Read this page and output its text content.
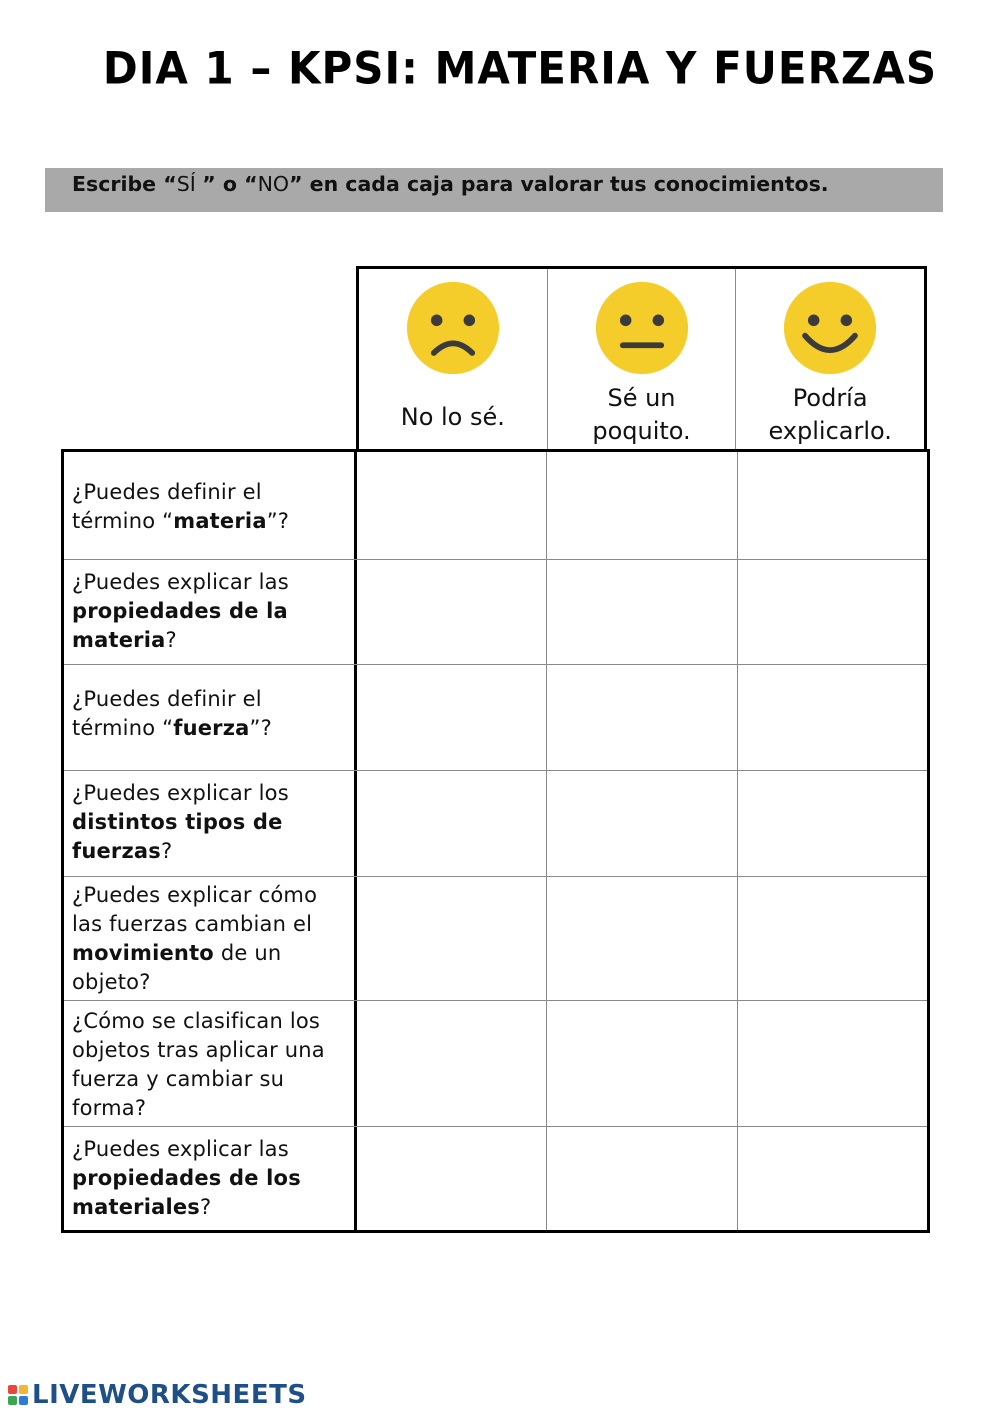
DIA 1 – KPSI: MATERIA Y FUERZAS
Escribe “SÍ ” o “NO” en cada caja para valorar tus conocimientos.
No lo sé.
Sé un poquito.
Podría explicarlo.
¿Puedes definir el término “materia”?
¿Puedes explicar las propiedades de la materia?
¿Puedes definir el término “fuerza”?
¿Puedes explicar los distintos tipos de fuerzas?
¿Puedes explicar cómo las fuerzas cambian el movimiento de un objeto?
¿Cómo se clasifican los objetos tras aplicar una fuerza y cambiar su forma?
¿Puedes explicar las propiedades de los materiales?
LIVEWORKSHEETS
